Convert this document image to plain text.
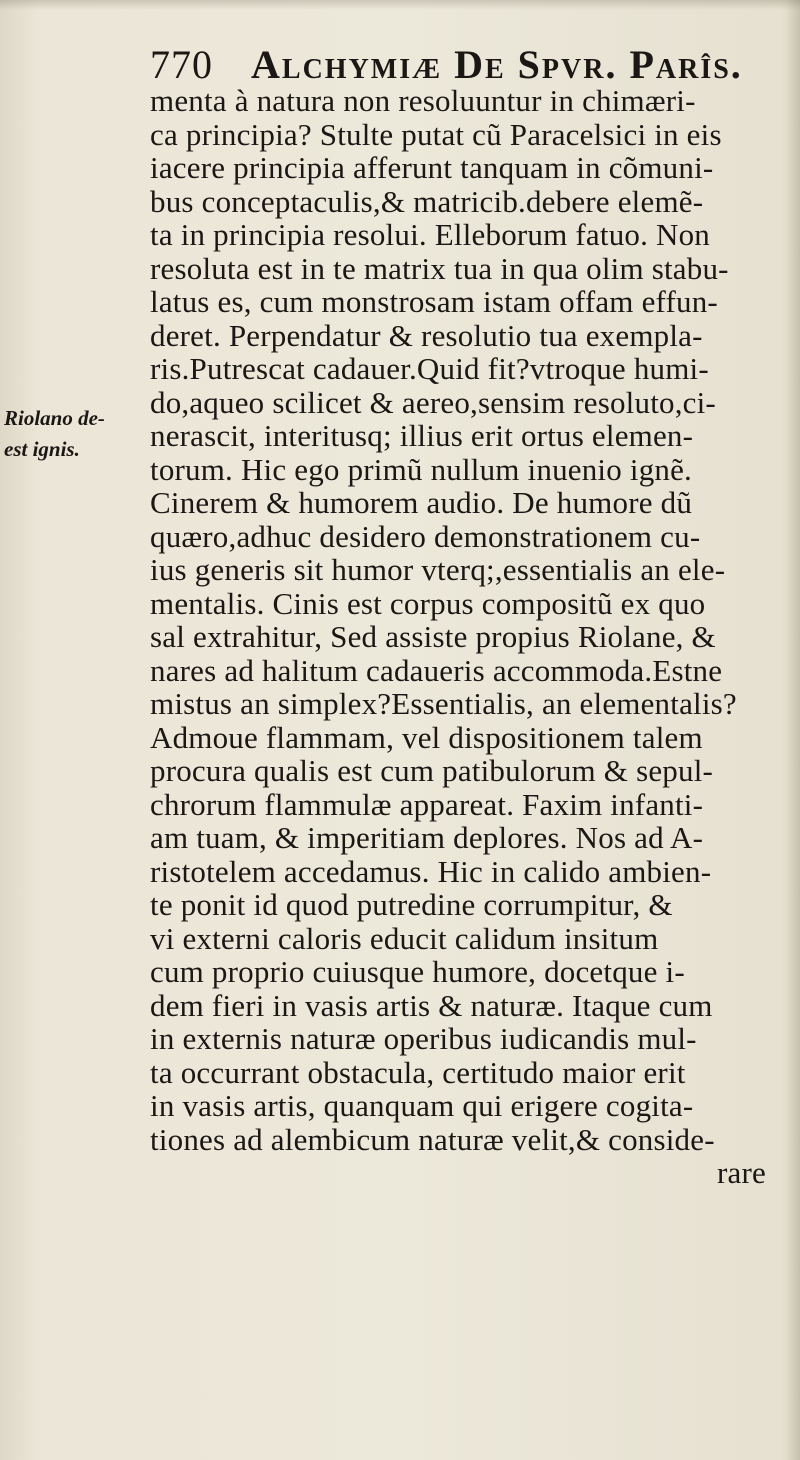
770 Alchymiæ De Spvr. Parîs.
Riolano de-
est ignis.
menta à natura non resoluuntur in chimæri-
ca principia? Stulte putat cũ Paracelsici in eis
iacere principia afferunt tanquam in cõmuni-
bus conceptaculis,& matricib.debere elemẽ-
ta in principia resolui. Elleborum fatuo. Non
resoluta est in te matrix tua in qua olim stabu-
latus es, cum monstrosam istam offam effun-
deret. Perpendatur & resolutio tua exempla-
ris.Putrescat cadauer.Quid fit?vtroque humi-
do,aqueo scilicet & aereo,sensim resoluto,ci-
nerascit, interitusq; illius erit ortus elemen-
torum. Hic ego primũ nullum inuenio ignẽ.
Cinerem & humorem audio. De humore dũ
quæro,adhuc desidero demonstrationem cu-
ius generis sit humor vterq;,essentialis an ele-
mentalis. Cinis est corpus compositũ ex quo
sal extrahitur, Sed assiste propius Riolane, &
nares ad halitum cadaueris accommoda.Estne
mistus an simplex?Essentialis, an elementalis?
Admoue flammam, vel dispositionem talem
procura qualis est cum patibulorum & sepul-
chrorum flammulæ appareat. Faxim infanti-
am tuam, & imperitiam deplores. Nos ad A-
ristotelem accedamus. Hic in calido ambien-
te ponit id quod putredine corrumpitur, &
vi externi caloris educit calidum insitum
cum proprio cuiusque humore, docetque i-
dem fieri in vasis artis & naturæ. Itaque cum
in externis naturæ operibus iudicandis mul-
ta occurrant obstacula, certitudo maior erit
in vasis artis, quanquam qui erigere cogita-
tiones ad alembicum naturæ velit,& conside-
rare
